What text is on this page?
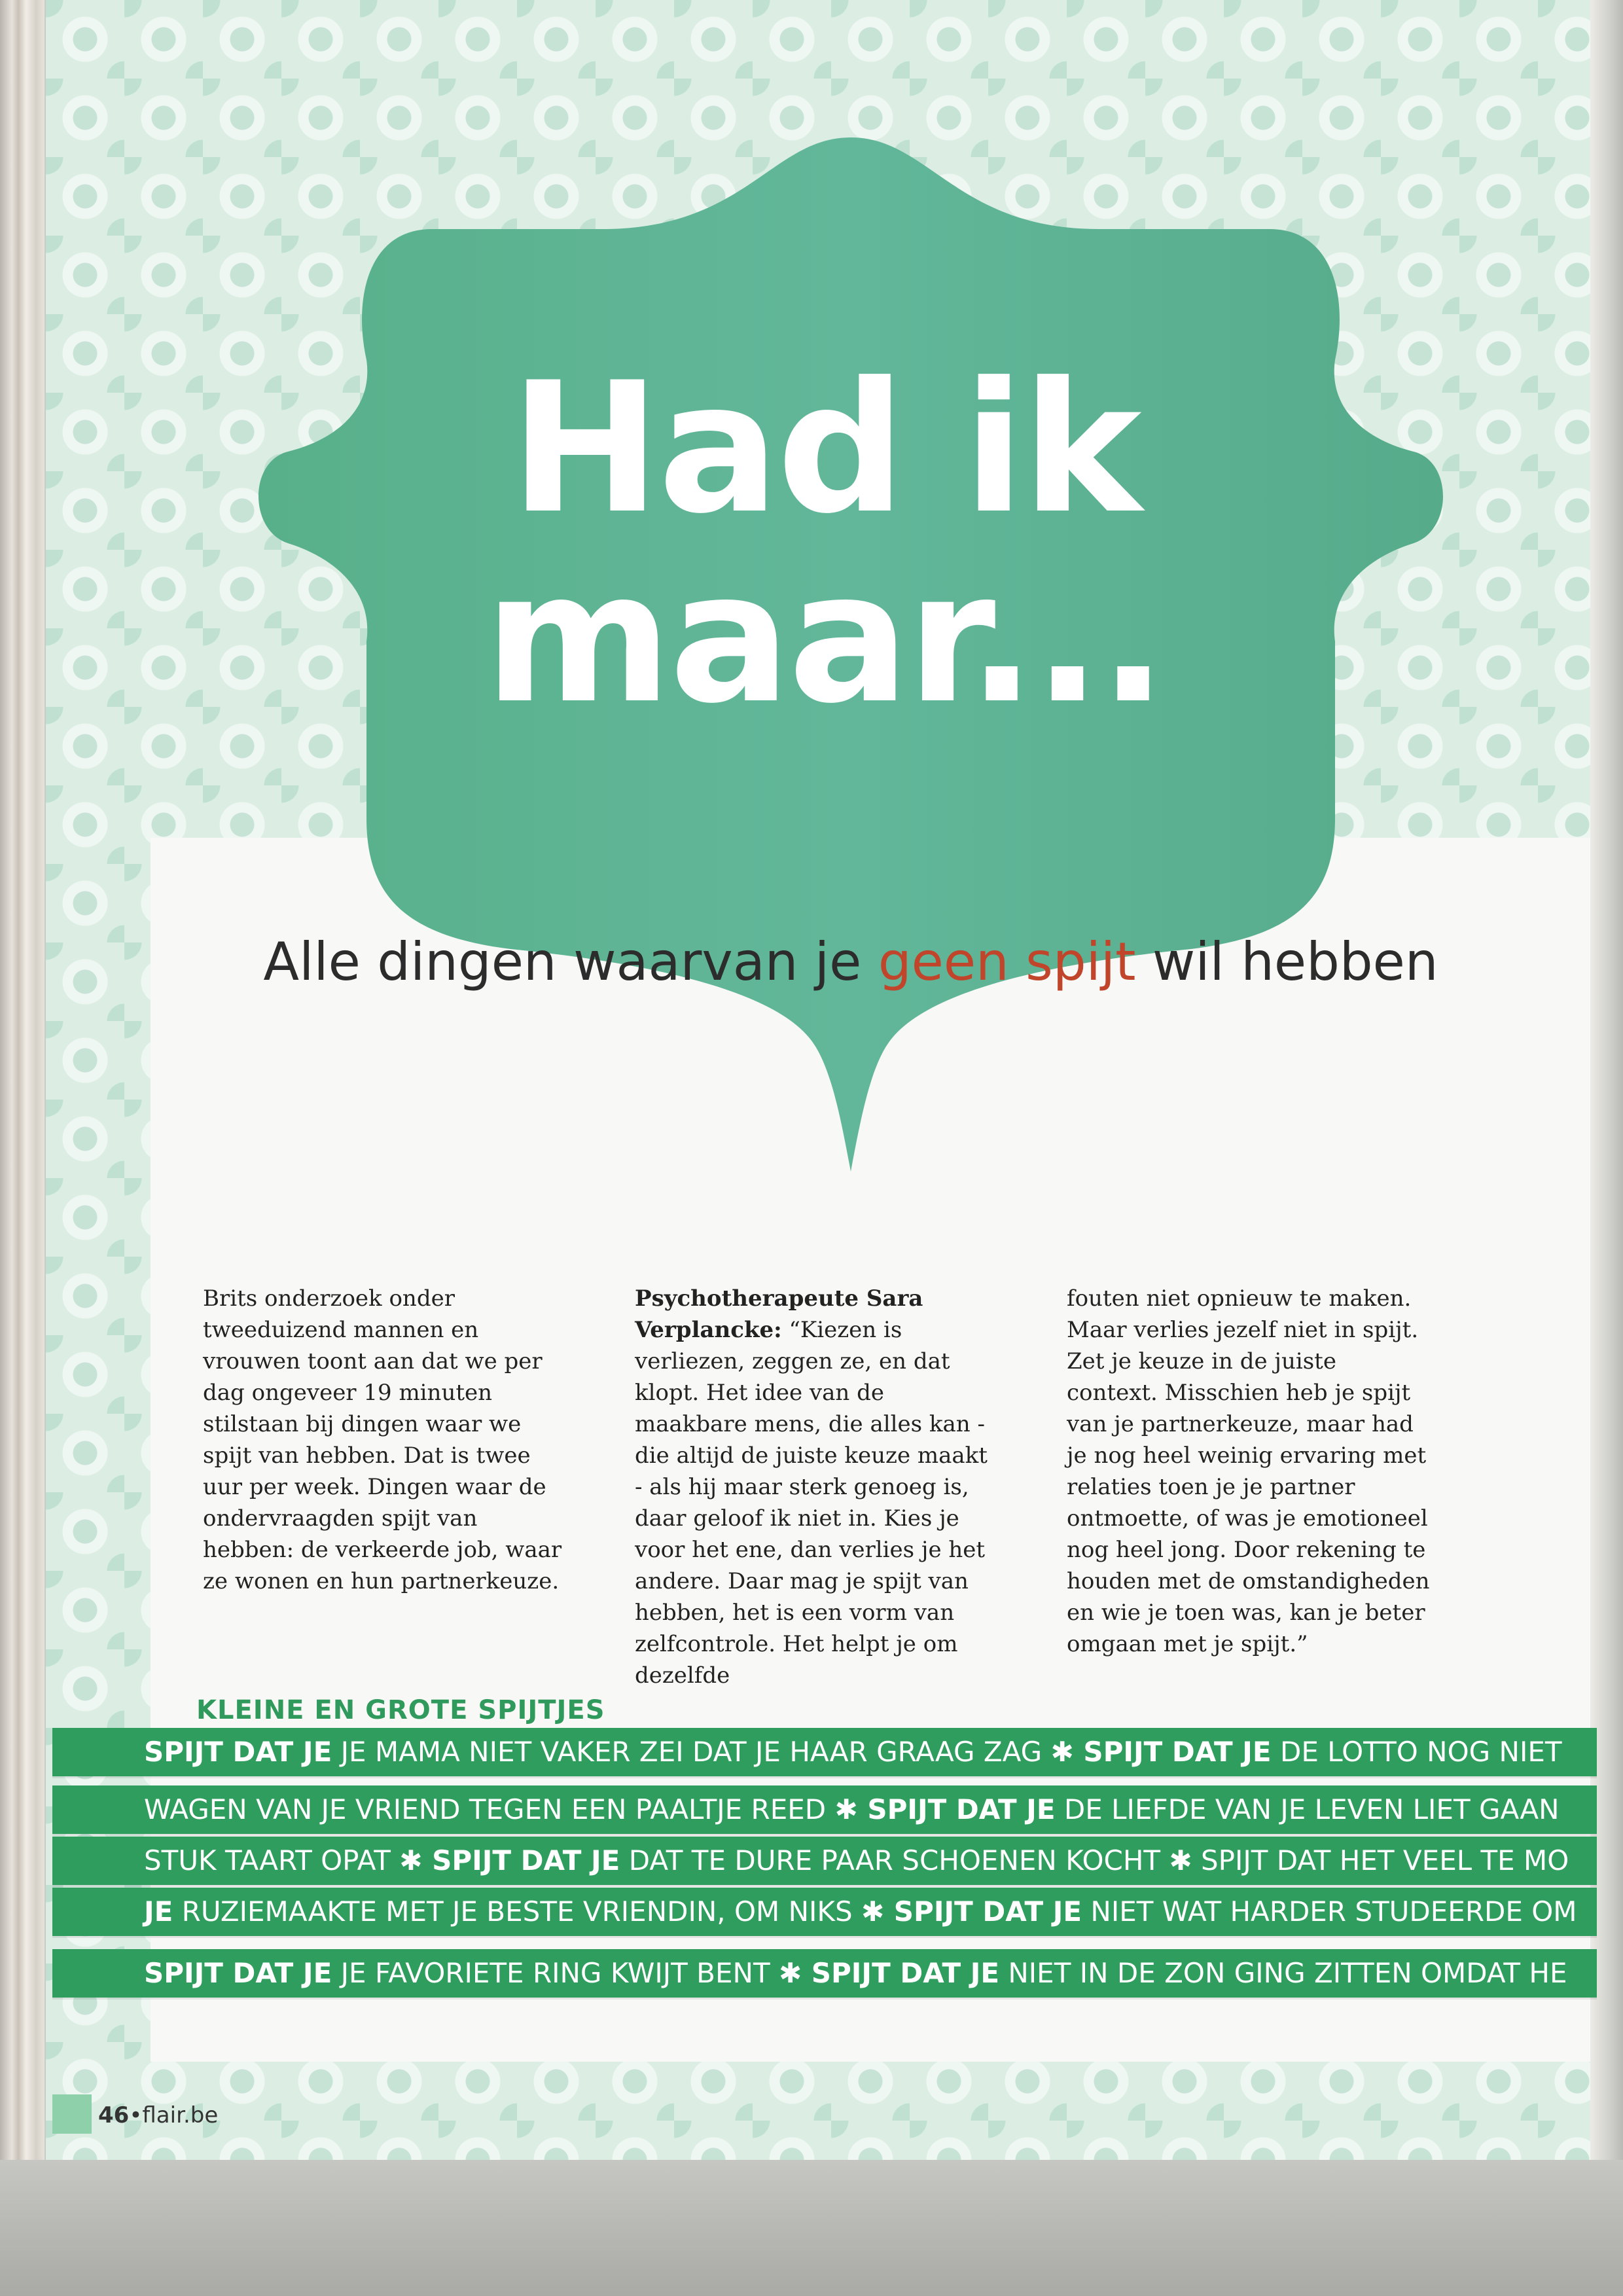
Had ik
maar...
Alle dingen waarvan je geen spijt wil hebben
Brits onderzoek onder tweeduizend mannen en vrouwen toont aan dat we per dag ongeveer 19 minuten stilstaan bij dingen waar we spijt van hebben. Dat is twee uur per week. Dingen waar de ondervraagden spijt van hebben: de verkeerde job, waar ze wonen en hun partnerkeuze.
Psychotherapeute Sara Verplancke: “Kiezen is verliezen, zeggen ze, en dat klopt. Het idee van de maakbare mens, die alles kan - die altijd de juiste keuze maakt - als hij maar sterk genoeg is, daar geloof ik niet in. Kies je voor het ene, dan verlies je het andere. Daar mag je spijt van hebben, het is een vorm van zelfcontrole. Het helpt je om dezelfde
fouten niet opnieuw te maken. Maar verlies jezelf niet in spijt. Zet je keuze in de juiste context. Misschien heb je spijt van je partnerkeuze, maar had je nog heel weinig ervaring met relaties toen je je partner ontmoette, of was je emotioneel nog heel jong. Door rekening te houden met de omstandigheden en wie je toen was, kan je beter omgaan met je spijt.”
KLEINE EN GROTE SPIJTJES
SPIJT DAT JE JE MAMA NIET VAKER ZEI DAT JE HAAR GRAAG ZAG ✱ SPIJT DAT JE DE LOTTO NOG NIET
WAGEN VAN JE VRIEND TEGEN EEN PAALTJE REED ✱ SPIJT DAT JE DE LIEFDE VAN JE LEVEN LIET GAAN
STUK TAART OPAT ✱ SPIJT DAT JE DAT TE DURE PAAR SCHOENEN KOCHT ✱ SPIJT DAT HET VEEL TE MO
JE RUZIEMAAKTE MET JE BESTE VRIENDIN, OM NIKS ✱ SPIJT DAT JE NIET WAT HARDER STUDEERDE OM
SPIJT DAT JE JE FAVORIETE RING KWIJT BENT ✱ SPIJT DAT JE NIET IN DE ZON GING ZITTEN OMDAT HE
46•flair.be
